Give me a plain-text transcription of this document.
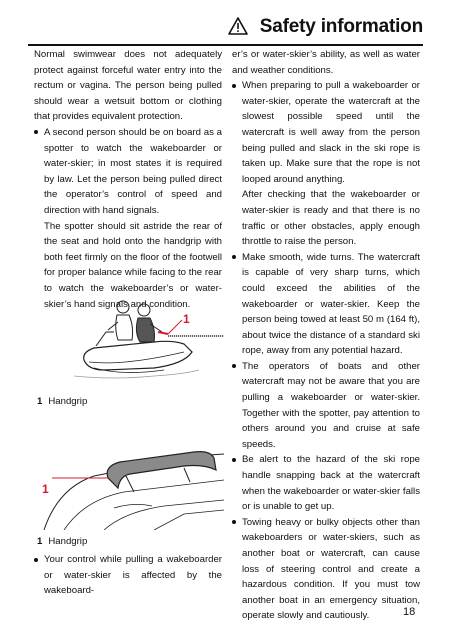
Safety information

Normal swimwear does not adequately protect against forceful water entry into the rectum or vagina. The person being pulled should wear a wetsuit bottom or clothing that provides equivalent protection.

A second person should be on board as a spotter to watch the wakeboarder or water-skier; in most states it is required by law. Let the person being pulled direct the operator’s control of speed and direction with hand signals.
The spotter should sit astride the rear of the seat and hold onto the handgrip with both feet firmly on the floor of the footwell for proper balance while facing to the rear to watch the wakeboarder’s or water-skier’s hand signals and condition.
1
1 Handgrip
1
1 Handgrip
Your control while pulling a wakeboarder or water-skier is affected by the wakeboard-

er’s or water-skier’s ability, as well as water and weather conditions.

When preparing to pull a wakeboarder or water-skier, operate the watercraft at the slowest possible speed until the watercraft is well away from the person being pulled and slack in the ski rope is taken up. Make sure that the rope is not looped around anything.
After checking that the wakeboarder or water-skier is ready and that there is no traffic or other obstacles, apply enough throttle to raise the person.
Make smooth, wide turns. The watercraft is capable of very sharp turns, which could exceed the abilities of the wakeboarder or water-skier. Keep the person being towed at least 50 m (164 ft), about twice the distance of a standard ski rope, away from any potential hazard.
The operators of boats and other watercraft may not be aware that you are pulling a wakeboarder or water-skier. Together with the spotter, pay attention to others around you and cruise at safe speeds.
Be alert to the hazard of the ski rope handle snapping back at the watercraft when the wakeboarder or water-skier falls or is unable to get up.
Towing heavy or bulky objects other than wakeboarders or water-skiers, such as another boat or watercraft, can cause loss of steering control and create a hazardous condition. If you must tow another boat in an emergency situation, operate slowly and cautiously.	18
